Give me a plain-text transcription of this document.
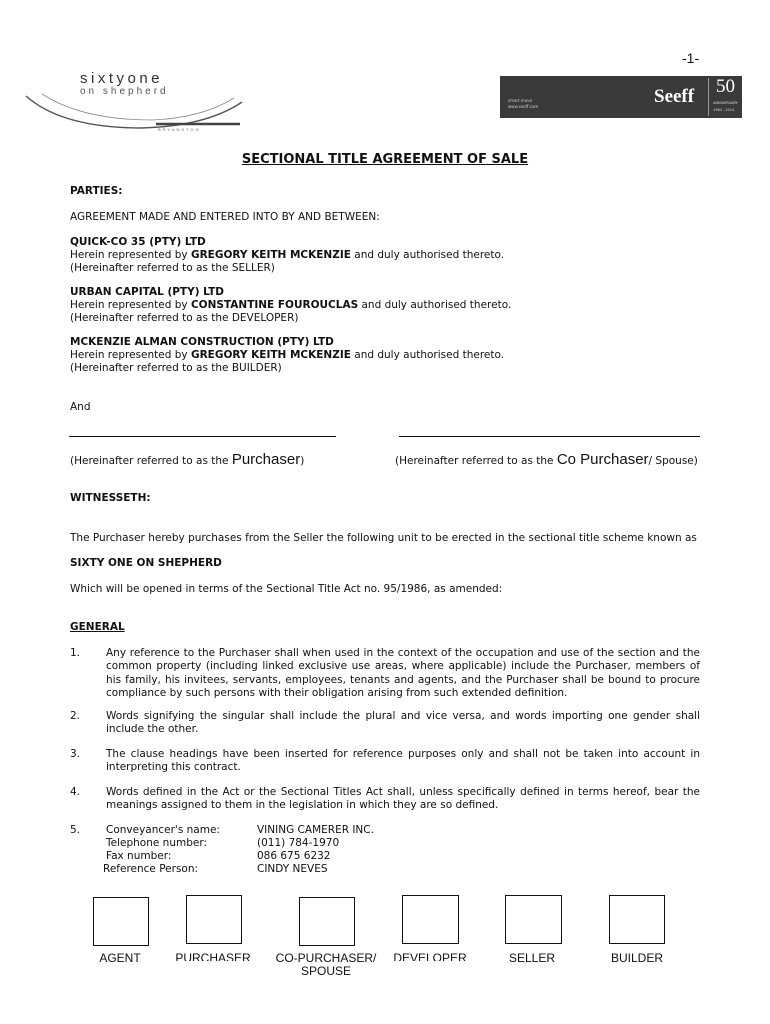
-1-
sixtyone
on shepherd
BRYANSTON
smart move
www.seeff.com	Seeff 50
ANNIVERSARY
1964 - 2014
SECTIONAL TITLE AGREEMENT OF SALE
PARTIES:
AGREEMENT MADE AND ENTERED INTO BY AND BETWEEN:
QUICK-CO 35 (PTY) LTD
Herein represented by GREGORY KEITH MCKENZIE and duly authorised thereto.
(Hereinafter referred to as the SELLER)
URBAN CAPITAL (PTY) LTD
Herein represented by CONSTANTINE FOUROUCLAS and duly authorised thereto.
(Hereinafter referred to as the DEVELOPER)
MCKENZIE ALMAN CONSTRUCTION (PTY) LTD
Herein represented by GREGORY KEITH MCKENZIE and duly authorised thereto.
(Hereinafter referred to as the BUILDER)
And
(Hereinafter referred to as the Purchaser)	(Hereinafter referred to as the Co Purchaser/ Spouse)
WITNESSETH:
The Purchaser hereby purchases from the Seller the following unit to be erected in the sectional title scheme known as
SIXTY ONE ON SHEPHERD
Which will be opened in terms of the Sectional Title Act no. 95/1986, as amended:
GENERAL
1. Any reference to the Purchaser shall when used in the context of the occupation and use of the section and the common property (including linked exclusive use areas, where applicable) include the Purchaser, members of his family, his invitees, servants, employees, tenants and agents, and the Purchaser shall be bound to procure compliance by such persons with their obligation arising from such extended definition.
2. Words signifying the singular shall include the plural and vice versa, and words importing one gender shall include the other.
3. The clause headings have been inserted for reference purposes only and shall not be taken into account in interpreting this contract.
4. Words defined in the Act or the Sectional Titles Act shall, unless specifically defined in terms hereof, bear the meanings assigned to them in the legislation in which they are so defined.
5. Conveyancer's name:	VINING CAMERER INC.
Telephone number:	(011) 784-1970
Fax number:	086 675 6232
Reference Person:	CINDY NEVES
AGENT	PURCHASER	CO-PURCHASER/
SPOUSE
DEVELOPER	SELLER	BUILDER
